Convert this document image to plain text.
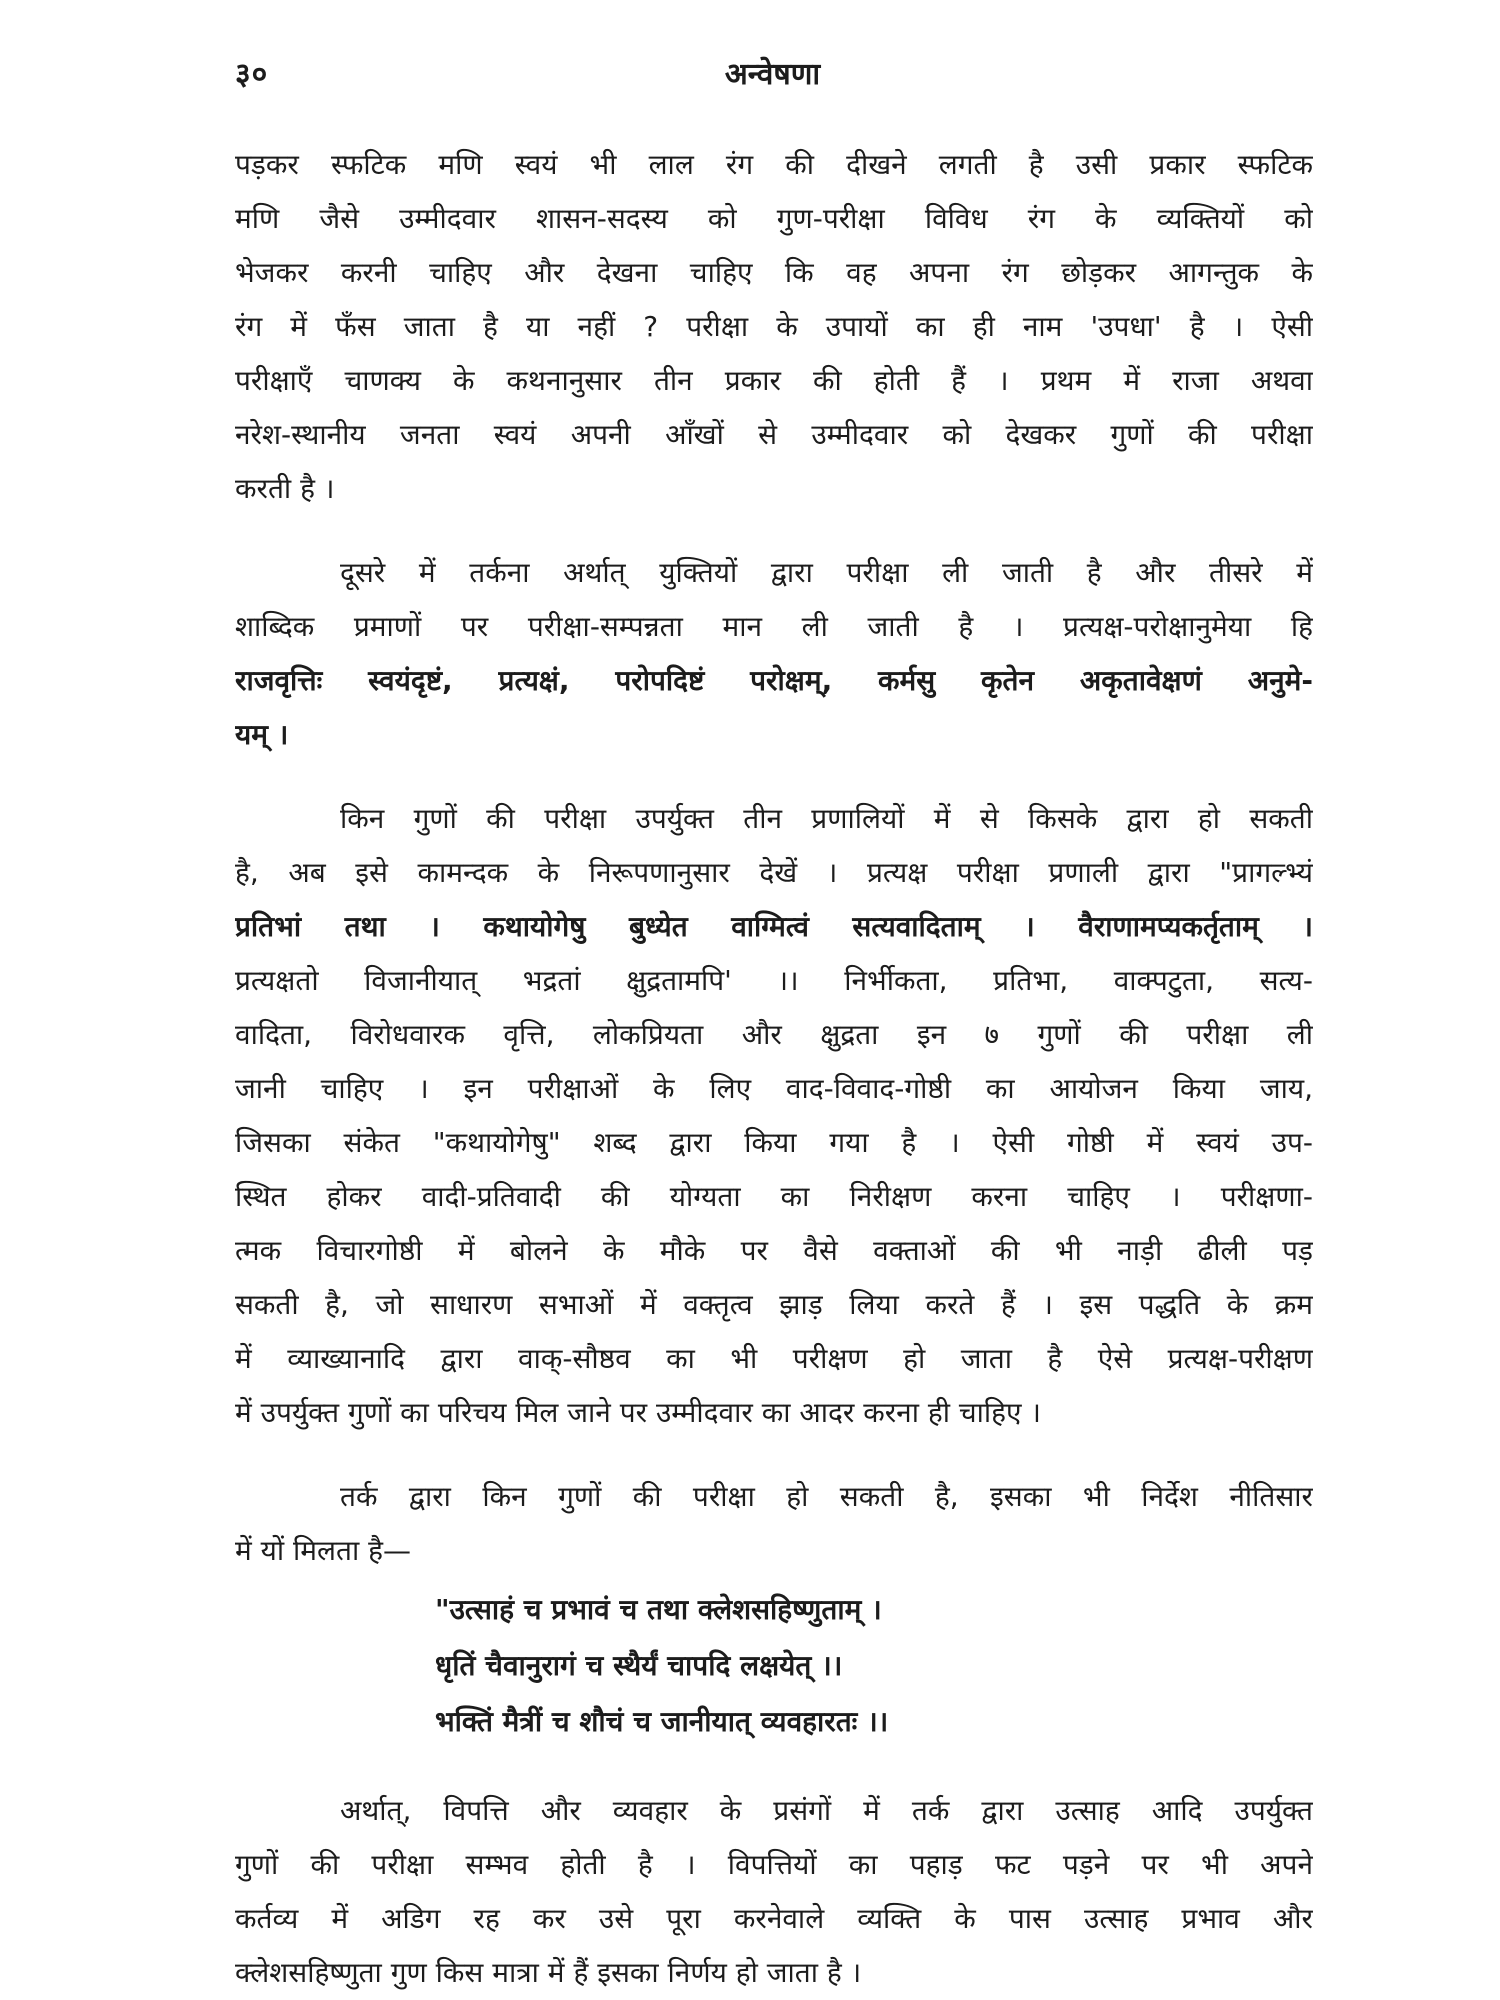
३०	अन्वेषणा
पड़कर स्फटिक मणि स्वयं भी लाल रंग की दीखने लगती है उसी प्रकार स्फटिक
मणि जैसे उम्मीदवार शासन-सदस्य को गुण-परीक्षा विविध रंग के व्यक्तियों को
भेजकर करनी चाहिए और देखना चाहिए कि वह अपना रंग छोड़कर आगन्तुक के
रंग में फँस जाता है या नहीं ? परीक्षा के उपायों का ही नाम 'उपधा' है । ऐसी
परीक्षाएँ चाणक्य के कथनानुसार तीन प्रकार की होती हैं । प्रथम में राजा अथवा
नरेश-स्थानीय जनता स्वयं अपनी आँखों से उम्मीदवार को देखकर गुणों की परीक्षा
करती है ।
दूसरे में तर्कना अर्थात् युक्तियों द्वारा परीक्षा ली जाती है और तीसरे में
शाब्दिक प्रमाणों पर परीक्षा-सम्पन्नता मान ली जाती है । प्रत्यक्ष-परोक्षानुमेया हि
राजवृत्तिः स्वयंदृष्टं, प्रत्यक्षं, परोपदिष्टं परोक्षम्, कर्मसु कृतेन अकृतावेक्षणं अनुमे-
यम् ।
किन गुणों की परीक्षा उपर्युक्त तीन प्रणालियों में से किसके द्वारा हो सकती
है, अब इसे कामन्दक के निरूपणानुसार देखें । प्रत्यक्ष परीक्षा प्रणाली द्वारा "प्रागल्भ्यं
प्रतिभां तथा । कथायोगेषु बुध्येत वाग्मित्वं सत्यवादिताम् । वैराणामप्यकर्तृताम् ।
प्रत्यक्षतो विजानीयात् भद्रतां क्षुद्रतामपि' ।। निर्भीकता, प्रतिभा, वाक्पटुता, सत्य-
वादिता, विरोधवारक वृत्ति, लोकप्रियता और क्षुद्रता इन ७ गुणों की परीक्षा ली
जानी चाहिए । इन परीक्षाओं के लिए वाद-विवाद-गोष्ठी का आयोजन किया जाय,
जिसका संकेत "कथायोगेषु" शब्द द्वारा किया गया है । ऐसी गोष्ठी में स्वयं उप-
स्थित होकर वादी-प्रतिवादी की योग्यता का निरीक्षण करना चाहिए । परीक्षणा-
त्मक विचारगोष्ठी में बोलने के मौके पर वैसे वक्ताओं की भी नाड़ी ढीली पड़
सकती है, जो साधारण सभाओं में वक्तृत्व झाड़ लिया करते हैं । इस पद्धति के क्रम
में व्याख्यानादि द्वारा वाक्-सौष्ठव का भी परीक्षण हो जाता है ऐसे प्रत्यक्ष-परीक्षण
में उपर्युक्त गुणों का परिचय मिल जाने पर उम्मीदवार का आदर करना ही चाहिए ।
तर्क द्वारा किन गुणों की परीक्षा हो सकती है, इसका भी निर्देश नीतिसार
में यों मिलता है—
"उत्साहं च प्रभावं च तथा क्लेशसहिष्णुताम् ।
धृतिं चैवानुरागं च स्थैर्यं चापदि लक्षयेत् ।।
भक्तिं मैत्रीं च शौचं च जानीयात् व्यवहारतः ।।
अर्थात्, विपत्ति और व्यवहार के प्रसंगों में तर्क द्वारा उत्साह आदि उपर्युक्त
गुणों की परीक्षा सम्भव होती है । विपत्तियों का पहाड़ फट पड़ने पर भी अपने
कर्तव्य में अडिग रह कर उसे पूरा करनेवाले व्यक्ति के पास उत्साह प्रभाव और
क्लेशसहिष्णुता गुण किस मात्रा में हैं इसका निर्णय हो जाता है ।
